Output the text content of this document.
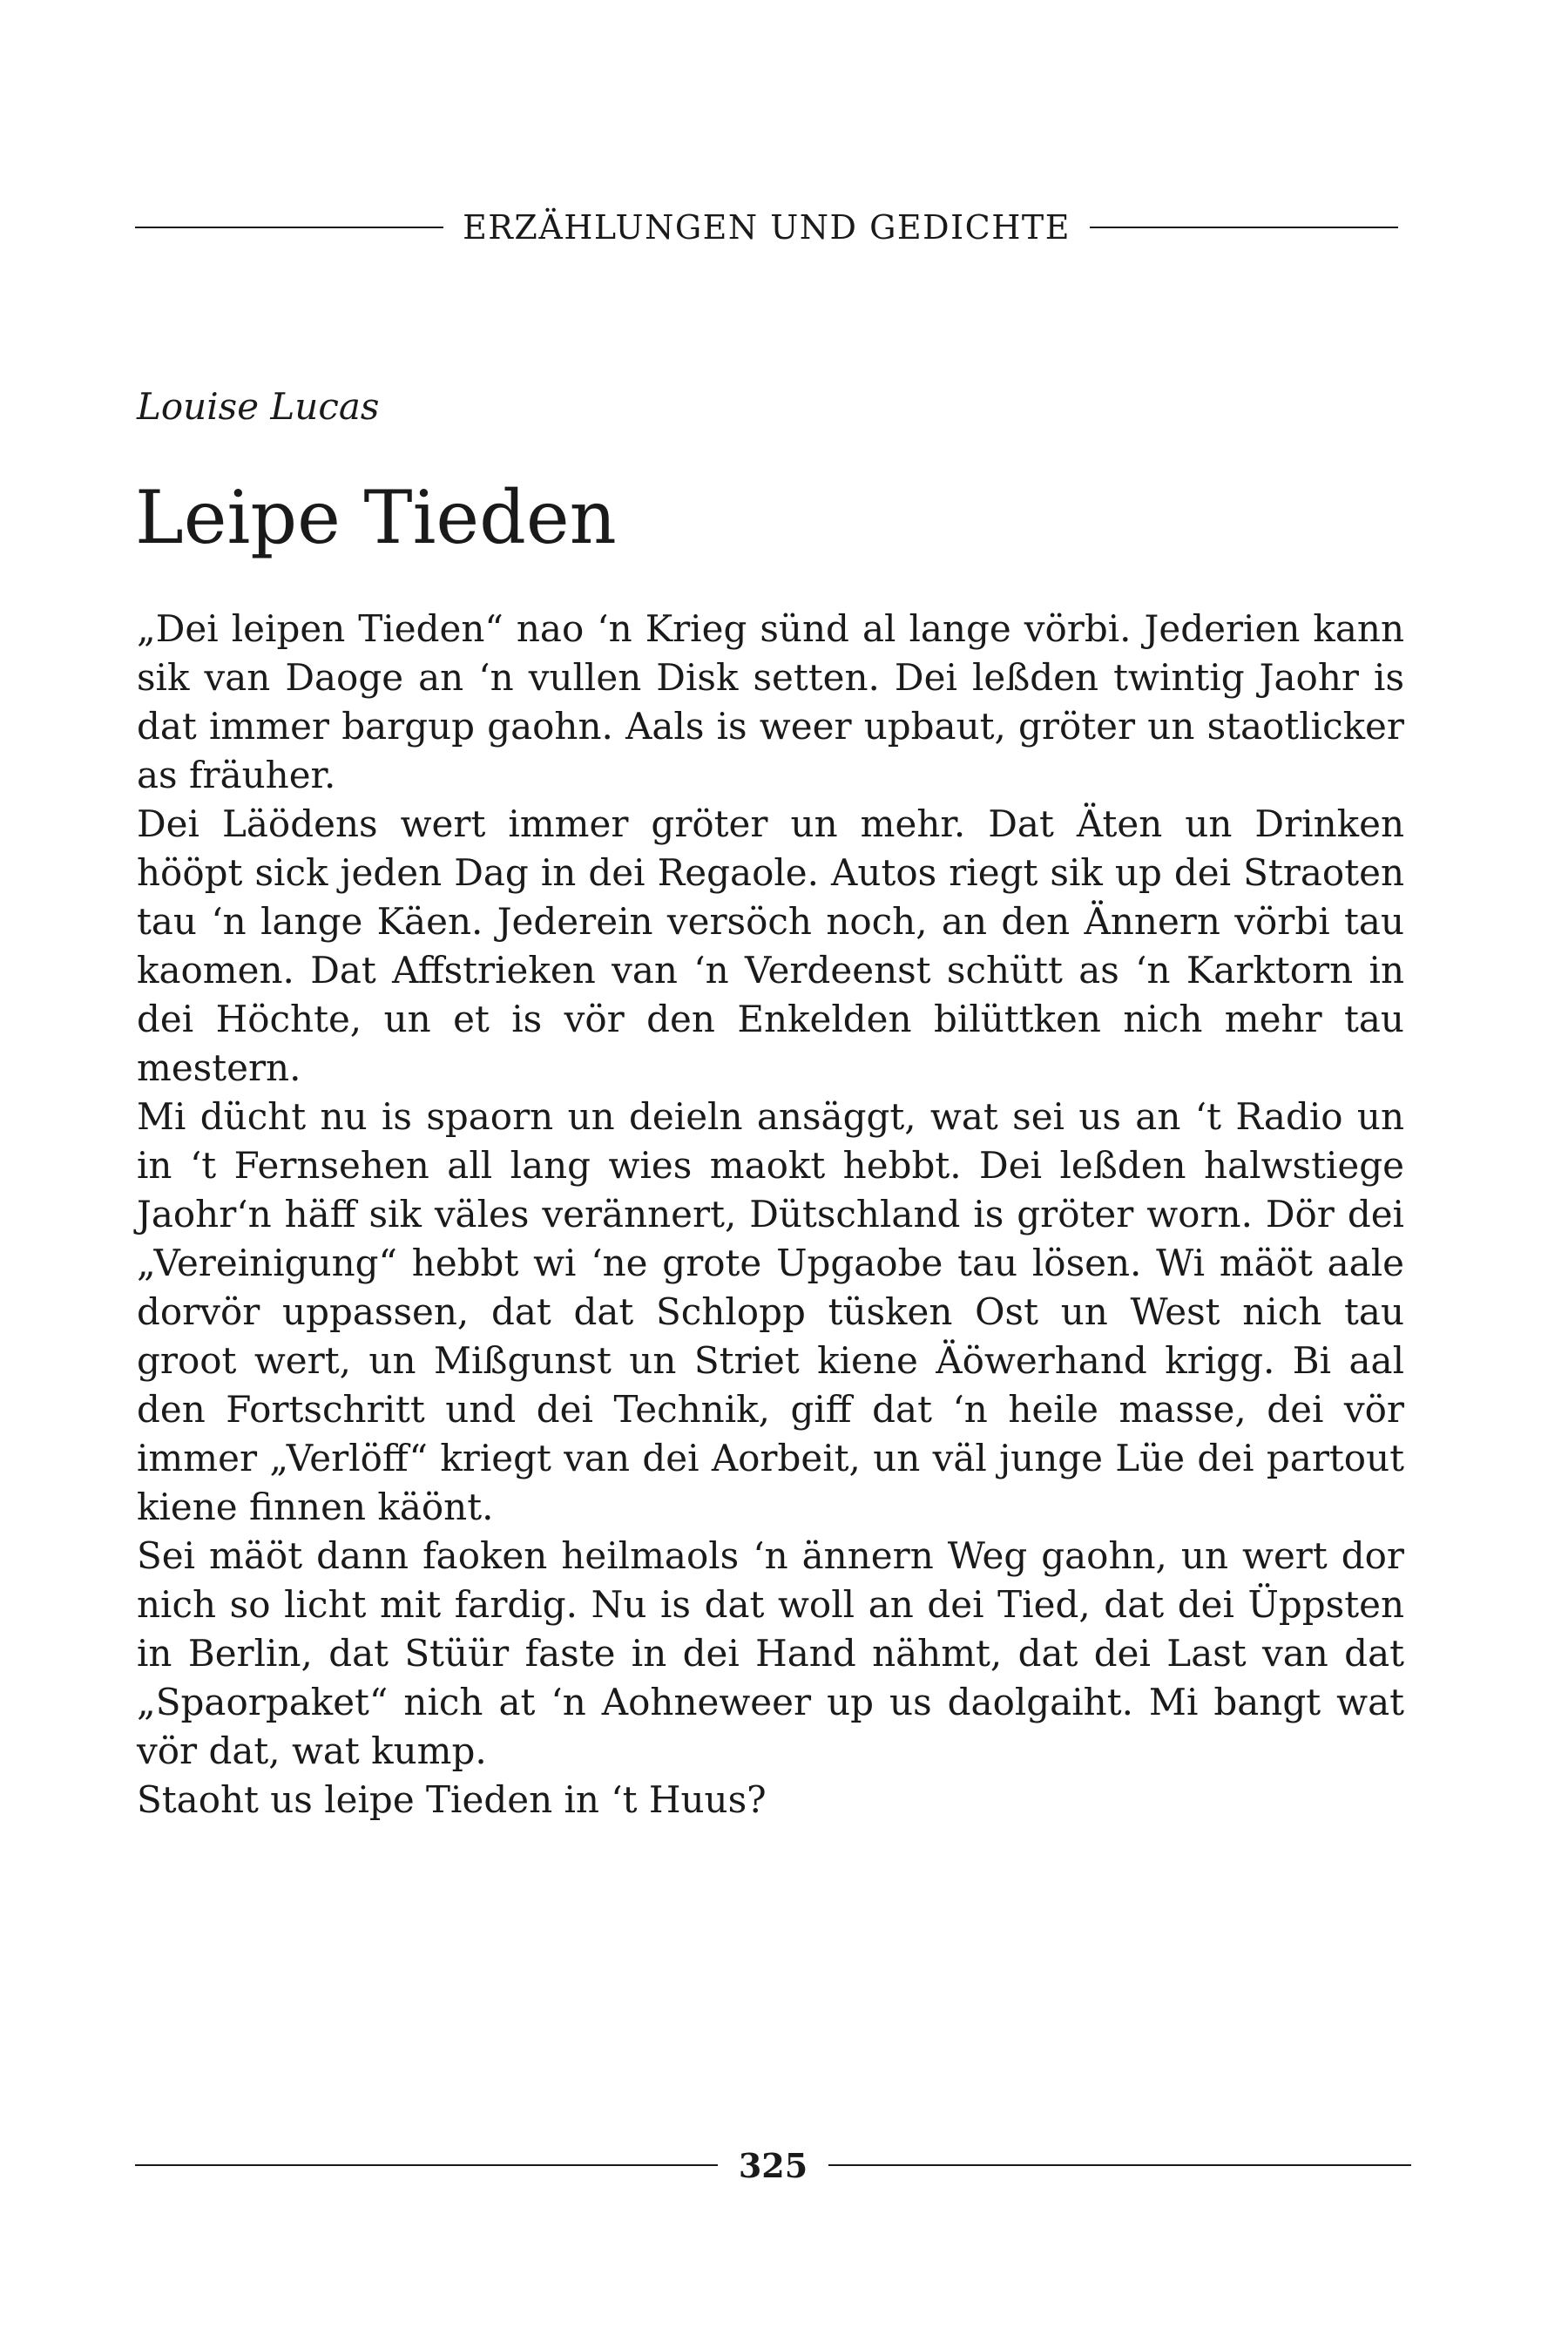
ERZÄHLUNGEN UND GEDICHTE
Louise Lucas
Leipe Tieden

„Dei leipen Tieden“ nao ‘n Krieg sünd al lange vörbi. Jederien kann sik van Daoge an ‘n vullen Disk setten. Dei leßden twintig Jaohr is dat immer bargup gaohn. Aals is weer upbaut, gröter un staotlicker as fräuher.

Dei Läödens wert immer gröter un mehr. Dat Äten un Drinken hööpt sick jeden Dag in dei Regaole. Autos riegt sik up dei Straoten tau ‘n lange Käen. Jederein versöch noch, an den Ännern vörbi tau kaomen. Dat Affstrieken van ‘n Verdeenst schütt as ‘n Karktorn in dei Höchte, un et is vör den Enkelden bilüttken nich mehr tau mestern.

Mi dücht nu is spaorn un deieln ansäggt, wat sei us an ‘t Radio un in ‘t Fernsehen all lang wies maokt hebbt. Dei leßden halwstiege Jaohr‘n häff sik väles verännert, Dütschland is gröter worn. Dör dei „Vereinigung“ hebbt wi ‘ne grote Upgaobe tau lösen. Wi mäöt aale dorvör uppassen, dat dat Schlopp tüsken Ost un West nich tau groot wert, un Mißgunst un Striet kiene Äöwerhand krigg. Bi aal den Fortschritt und dei Technik, giff dat ‘n heile masse, dei vör immer „Verlöff“ kriegt van dei Aorbeit, un väl junge Lüe dei partout kiene finnen käönt.

Sei mäöt dann faoken heilmaols ‘n ännern Weg gaohn, un wert dor nich so licht mit fardig. Nu is dat woll an dei Tied, dat dei Üppsten in Berlin, dat Stüür faste in dei Hand nähmt, dat dei Last van dat „Spaorpaket“ nich at ‘n Aohneweer up us daolgaiht. Mi bangt wat vör dat, wat kump.

Staoht us leipe Tieden in ‘t Huus?

325
